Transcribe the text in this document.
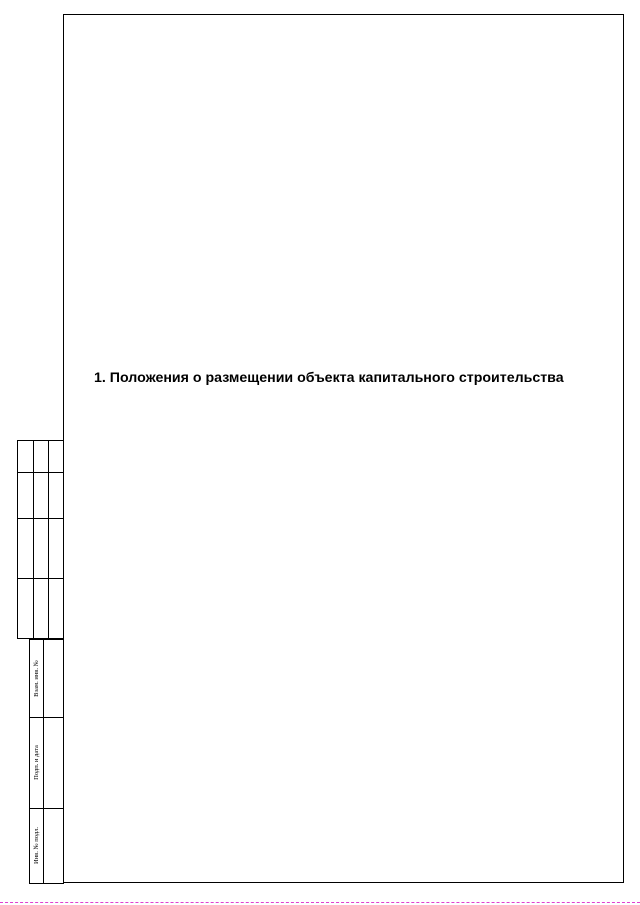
1. Положения о размещении объекта капитального строительства
Взам. инв. №
Подп. и дата
Инв. № подл.
